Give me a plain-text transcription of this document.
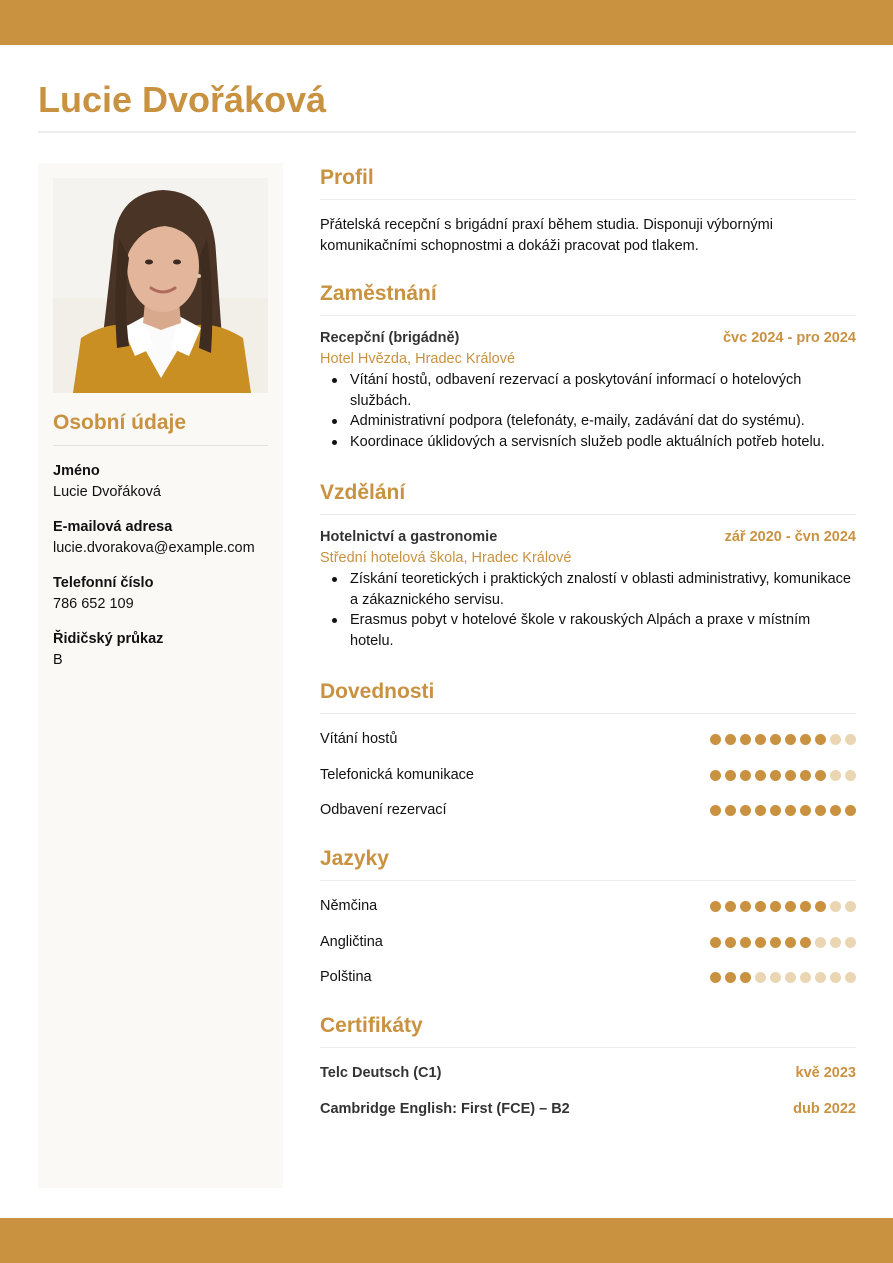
Lucie Dvořáková
Osobní údaje
Jméno
Lucie Dvořáková
E-mailová adresa
lucie.dvorakova@example.com
Telefonní číslo
786 652 109
Řidičský průkaz
B
Profil
Přátelská recepční s brigádní praxí během studia. Disponuji výbornými komunikačními schopnostmi a dokáži pracovat pod tlakem.
Zaměstnání
Recepční (brigádně)	čvc 2024 - pro 2024
Hotel Hvězda, Hradec Králové
Vítání hostů, odbavení rezervací a poskytování informací o hotelových službách.
Administrativní podpora (telefonáty, e-maily, zadávání dat do systému).
Koordinace úklidových a servisních služeb podle aktuálních potřeb hotelu.
Vzdělání
Hotelnictví a gastronomie	zář 2020 - čvn 2024
Střední hotelová škola, Hradec Králové
Získání teoretických i praktických znalostí v oblasti administrativy, komunikace a zákaznického servisu.
Erasmus pobyt v hotelové škole v rakouských Alpách a praxe v místním hotelu.
Dovednosti
Vítání hostů
Telefonická komunikace
Odbavení rezervací
Jazyky
Němčina
Angličtina
Polština
Certifikáty
Telc Deutsch (C1)	kvě 2023
Cambridge English: First (FCE) – B2	dub 2022
